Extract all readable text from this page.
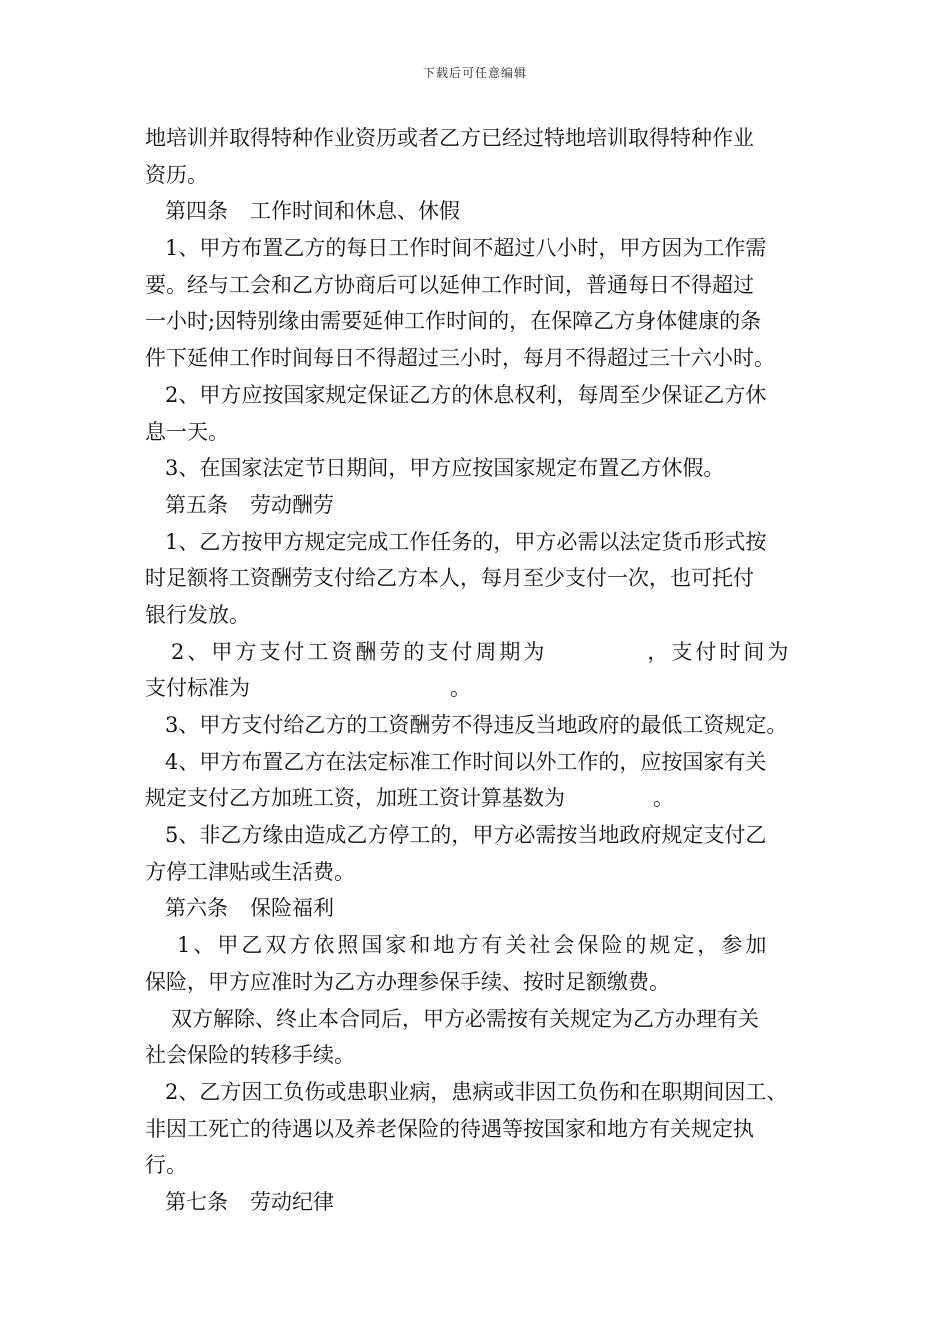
下载后可任意编辑
地培训并取得特种作业资历或者乙方已经过特地培训取得特种作业
资历。
第四条 工作时间和休息、休假
1、甲方布置乙方的每日工作时间不超过八小时，甲方因为工作需
要。经与工会和乙方协商后可以延伸工作时间，普通每日不得超过
一小时;因特别缘由需要延伸工作时间的，在保障乙方身体健康的条
件下延伸工作时间每日不得超过三小时，每月不得超过三十六小时。
2、甲方应按国家规定保证乙方的休息权利，每周至少保证乙方休
息一天。
3、在国家法定节日期间，甲方应按国家规定布置乙方休假。
第五条 劳动酬劳
1、乙方按甲方规定完成工作任务的，甲方必需以法定货币形式按
时足额将工资酬劳支付给乙方本人，每月至少支付一次，也可托付
银行发放。
2、甲方支付工资酬劳的支付周期为	，支付时间为
支付标准为	。
3、甲方支付给乙方的工资酬劳不得违反当地政府的最低工资规定。
4、甲方布置乙方在法定标准工作时间以外工作的，应按国家有关
规定支付乙方加班工资，加班工资计算基数为	。
5、非乙方缘由造成乙方停工的，甲方必需按当地政府规定支付乙
方停工津贴或生活费。
第六条 保险福利
1、甲乙双方依照国家和地方有关社会保险的规定，参加
保险，甲方应准时为乙方办理参保手续、按时足额缴费。
双方解除、终止本合同后，甲方必需按有关规定为乙方办理有关
社会保险的转移手续。
2、乙方因工负伤或患职业病，患病或非因工负伤和在职期间因工、
非因工死亡的待遇以及养老保险的待遇等按国家和地方有关规定执
行。
第七条 劳动纪律
